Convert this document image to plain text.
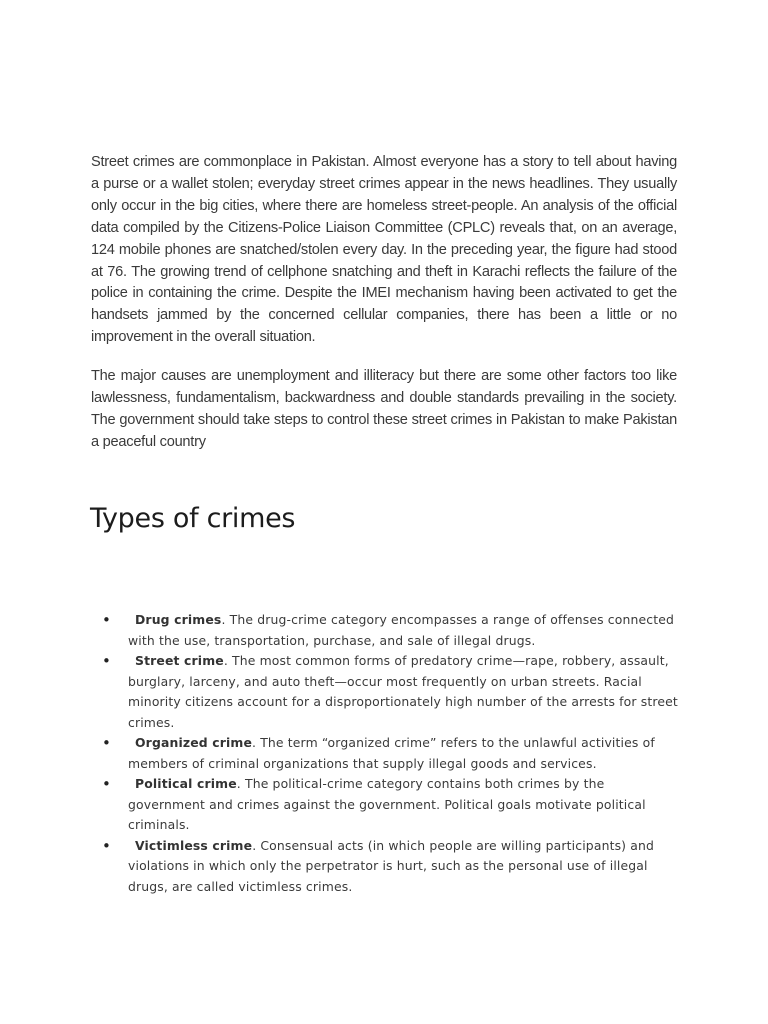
Street crimes are commonplace in Pakistan. Almost everyone has a story to tell about having a purse or a wallet stolen; everyday street crimes appear in the news headlines. They usually only occur in the big cities, where there are homeless street-people. An analysis of the official data compiled by the Citizens-Police Liaison Committee (CPLC) reveals that, on an average, 124 mobile phones are snatched/stolen every day. In the preceding year, the figure had stood at 76. The growing trend of cellphone snatching and theft in Karachi reflects the failure of the police in containing the crime. Despite the IMEI mechanism having been activated to get the handsets jammed by the concerned cellular companies, there has been a little or no improvement in the overall situation.

The major causes are unemployment and illiteracy but there are some other factors too like lawlessness, fundamentalism, backwardness and double standards prevailing in the society. The government should take steps to control these street crimes in Pakistan to make Pakistan a peaceful country

Types of crimes
• Drug crimes. The drug-crime category encompasses a range of offenses connected with the use, transportation, purchase, and sale of illegal drugs.
• Street crime. The most common forms of predatory crime—rape, robbery, assault, burglary, larceny, and auto theft—occur most frequently on urban streets. Racial minority citizens account for a disproportionately high number of the arrests for street crimes.
• Organized crime. The term “organized crime” refers to the unlawful activities of members of criminal organizations that supply illegal goods and services.
• Political crime. The political-crime category contains both crimes by the government and crimes against the government. Political goals motivate political criminals.
• Victimless crime. Consensual acts (in which people are willing participants) and violations in which only the perpetrator is hurt, such as the personal use of illegal drugs, are called victimless crimes.
